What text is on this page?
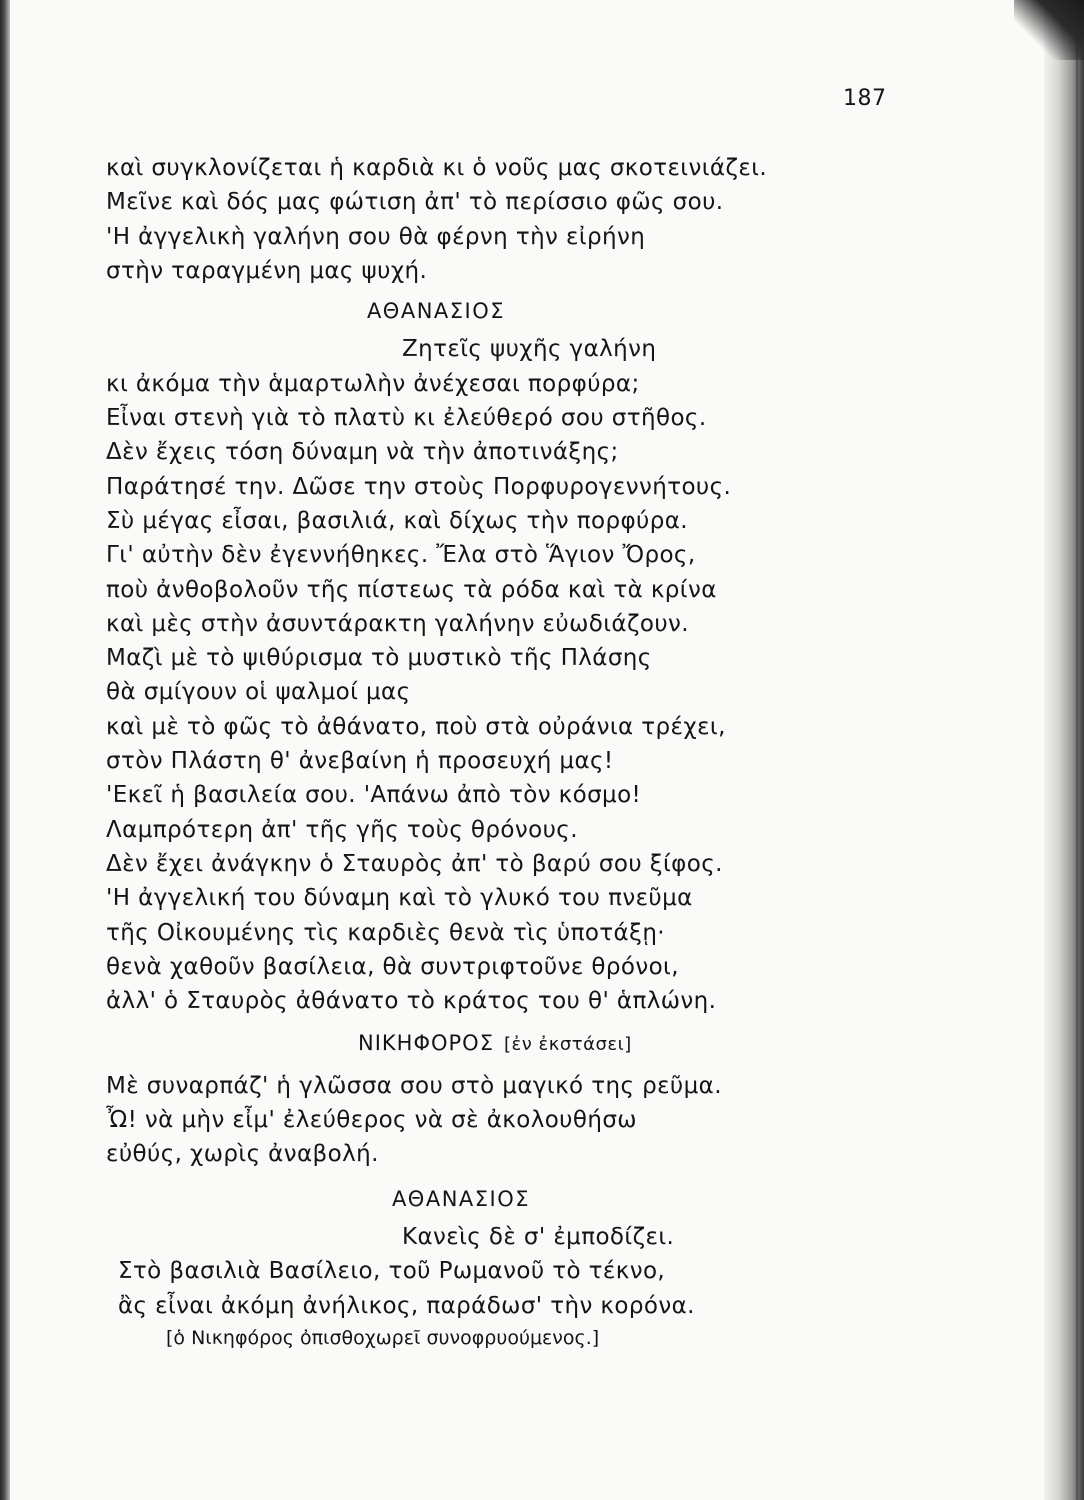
187
καὶ συγκλονίζεται ἡ καρδιὰ κι ὁ νοῦς μας σκοτεινιάζει.
Μεῖνε καὶ δός μας φώτιση ἀπ' τὸ περίσσιο φῶς σου.
'Η ἀγγελικὴ γαλήνη σου θὰ φέρνη τὴν εἰρήνη
στὴν ταραγμένη μας ψυχή.
ΑΘΑΝΑΣΙΟΣ
Ζητεῖς ψυχῆς γαλήνη
κι ἀκόμα τὴν ἁμαρτωλὴν ἀνέχεσαι πορφύρα;
Εἶναι στενὴ γιὰ τὸ πλατὺ κι ἐλεύθερό σου στῆθος.
Δὲν ἔχεις τόση δύναμη νὰ τὴν ἀποτινάξης;
Παράτησέ την. Δῶσε την στοὺς Πορφυρογεννήτους.
Σὺ μέγας εἶσαι, βασιλιά, καὶ δίχως τὴν πορφύρα.
Γι' αὐτὴν δὲν ἐγεννήθηκες. Ἔλα στὸ Ἅγιον Ὄρος,
ποὺ ἀνθοβολοῦν τῆς πίστεως τὰ ρόδα καὶ τὰ κρίνα
καὶ μὲς στὴν ἀσυντάρακτη γαλήνην εὐωδιάζουν.
Μαζὶ μὲ τὸ ψιθύρισμα τὸ μυστικὸ τῆς Πλάσης
θὰ σμίγουν οἱ ψαλμοί μας
καὶ μὲ τὸ φῶς τὸ ἀθάνατο, ποὺ στὰ οὐράνια τρέχει,
στὸν Πλάστη θ' ἀνεβαίνη ἡ προσευχή μας!
'Εκεῖ ἡ βασιλεία σου. 'Απάνω ἀπὸ τὸν κόσμο!
Λαμπρότερη ἀπ' τῆς γῆς τοὺς θρόνους.
Δὲν ἔχει ἀνάγκην ὁ Σταυρὸς ἀπ' τὸ βαρύ σου ξίφος.
'Η ἀγγελική του δύναμη καὶ τὸ γλυκό του πνεῦμα
τῆς Οἰκουμένης τὶς καρδιὲς θενὰ τὶς ὑποτάξῃ·
θενὰ χαθοῦν βασίλεια, θὰ συντριφτοῦνε θρόνοι,
ἀλλ' ὁ Σταυρὸς ἀθάνατο τὸ κράτος του θ' ἁπλώνη.
ΝΙΚΗΦΟΡΟΣ [ἐν ἐκστάσει]
Μὲ συναρπάζ' ἡ γλῶσσα σου στὸ μαγικό της ρεῦμα.
Ὦ! νὰ μὴν εἶμ' ἐλεύθερος νὰ σὲ ἀκολουθήσω
εὐθύς, χωρὶς ἀναβολή.
ΑΘΑΝΑΣΙΟΣ
Κανεὶς δὲ σ' ἐμποδίζει.
Στὸ βασιλιὰ Βασίλειο, τοῦ Ρωμανοῦ τὸ τέκνο,
ἂς εἶναι ἀκόμη ἀνήλικος, παράδωσ' τὴν κορόνα.
[ὁ Νικηφόρος ὀπισθοχωρεῖ συνοφρυούμενος.]
